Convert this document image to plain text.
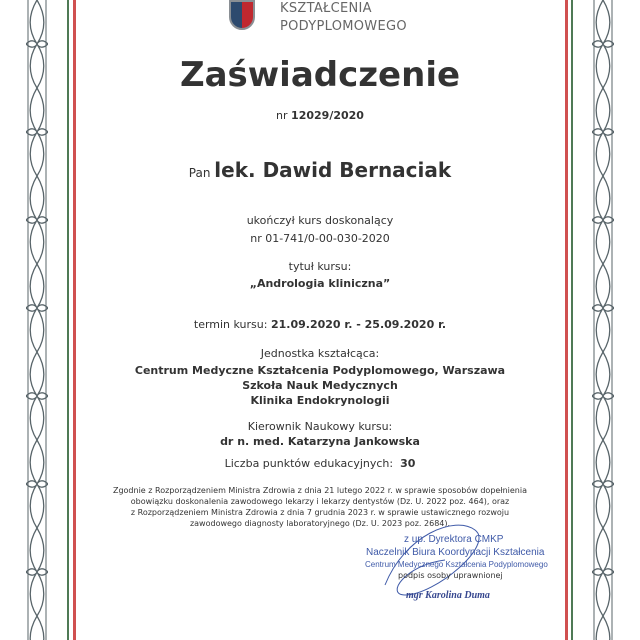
KSZTAŁCENIA
PODYPLOMOWEGO
Zaświadczenie
nr 12029/2020
Pan lek. Dawid Bernaciak
ukończył kurs doskonalący
nr 01-741/0-00-030-2020
tytuł kursu:
„Andrologia kliniczna”
termin kursu: 21.09.2020 r. - 25.09.2020 r.
Jednostka kształcąca:
Centrum Medyczne Kształcenia Podyplomowego, Warszawa
Szkoła Nauk Medycznych
Klinika Endokrynologii
Kierownik Naukowy kursu:
dr n. med. Katarzyna Jankowska
Liczba punktów edukacyjnych: 30
Zgodnie z Rozporządzeniem Ministra Zdrowia z dnia 21 lutego 2022 r. w sprawie sposobów dopełnienia
obowiązku doskonalenia zawodowego lekarzy i lekarzy dentystów (Dz. U. 2022 poz. 464), oraz
z Rozporządzeniem Ministra Zdrowia z dnia 7 grudnia 2023 r. w sprawie ustawicznego rozwoju
zawodowego diagnosty laboratoryjnego (Dz. U. 2023 poz. 2684).
z up. Dyrektora CMKP
Naczelnik Biura Koordynacji Kształcenia
Centrum Medycznego Kształcenia Podyplomowego
podpis osoby uprawnionej
mgr Karolina Duma
